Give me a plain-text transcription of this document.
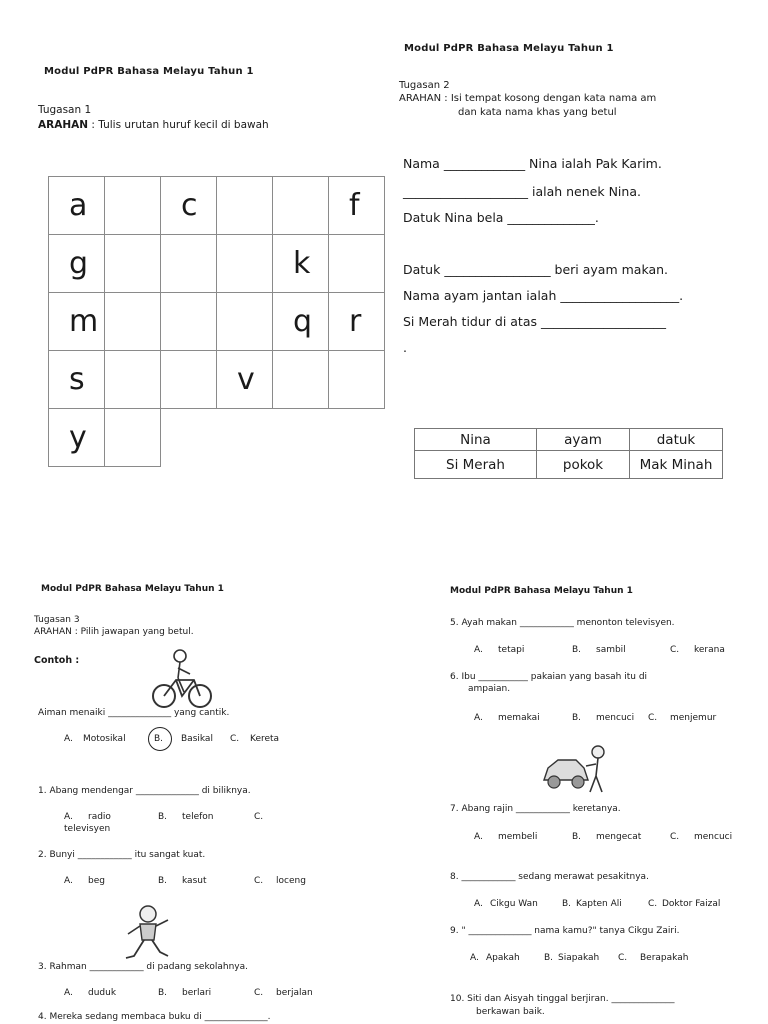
Modul PdPR Bahasa Melayu Tahun 1
Tugasan 1
ARAHAN : Tulis urutan huruf kecil di bawah
a		c			f
g				k	
m				q	r
s			v		
y					
Modul PdPR Bahasa Melayu Tahun 1
Tugasan 2
ARAHAN : Isi tempat kosong dengan kata nama am
dan kata nama khas yang betul
Nama _____________ Nina ialah Pak Karim.
____________________ ialah nenek Nina.
Datuk Nina bela ______________.
Datuk _________________ beri ayam makan.
Nama ayam jantan ialah ___________________.
Si Merah tidur di atas ____________________
.
Nina	ayam	datuk
Si Merah	pokok	Mak Minah
Modul PdPR Bahasa Melayu Tahun 1
Tugasan 3
ARAHAN : Pilih jawapan yang betul.
Contoh :
Aiman menaiki ______________ yang cantik.
A. Motosikal	B. Basikal C. Kereta
1. Abang mendengar ______________ di biliknya.
A. radio	B. telefon	C.
televisyen
2. Bunyi ____________ itu sangat kuat.
A. beg	B. kasut	C. loceng
3. Rahman ____________ di padang sekolahnya.
A. duduk	B. berlari	C. berjalan
4. Mereka sedang membaca buku di ______________.
Modul PdPR Bahasa Melayu Tahun 1
5. Ayah makan ____________ menonton televisyen.
A. tetapi	B. sambil	C. kerana
6. Ibu ___________ pakaian yang basah itu di
ampaian.
A. memakai	B. mencuci C. menjemur
7. Abang rajin ____________ keretanya.
A. membeli	B. mengecat	C. mencuci
8. ____________ sedang merawat pesakitnya.
A. Cikgu Wan	B. Kapten Ali	C. Doktor Faizal
9. " ______________ nama kamu?" tanya Cikgu Zairi.
A. Apakah	B. Siapakah C. Berapakah
10. Siti dan Aisyah tinggal berjiran. ______________
berkawan baik.
